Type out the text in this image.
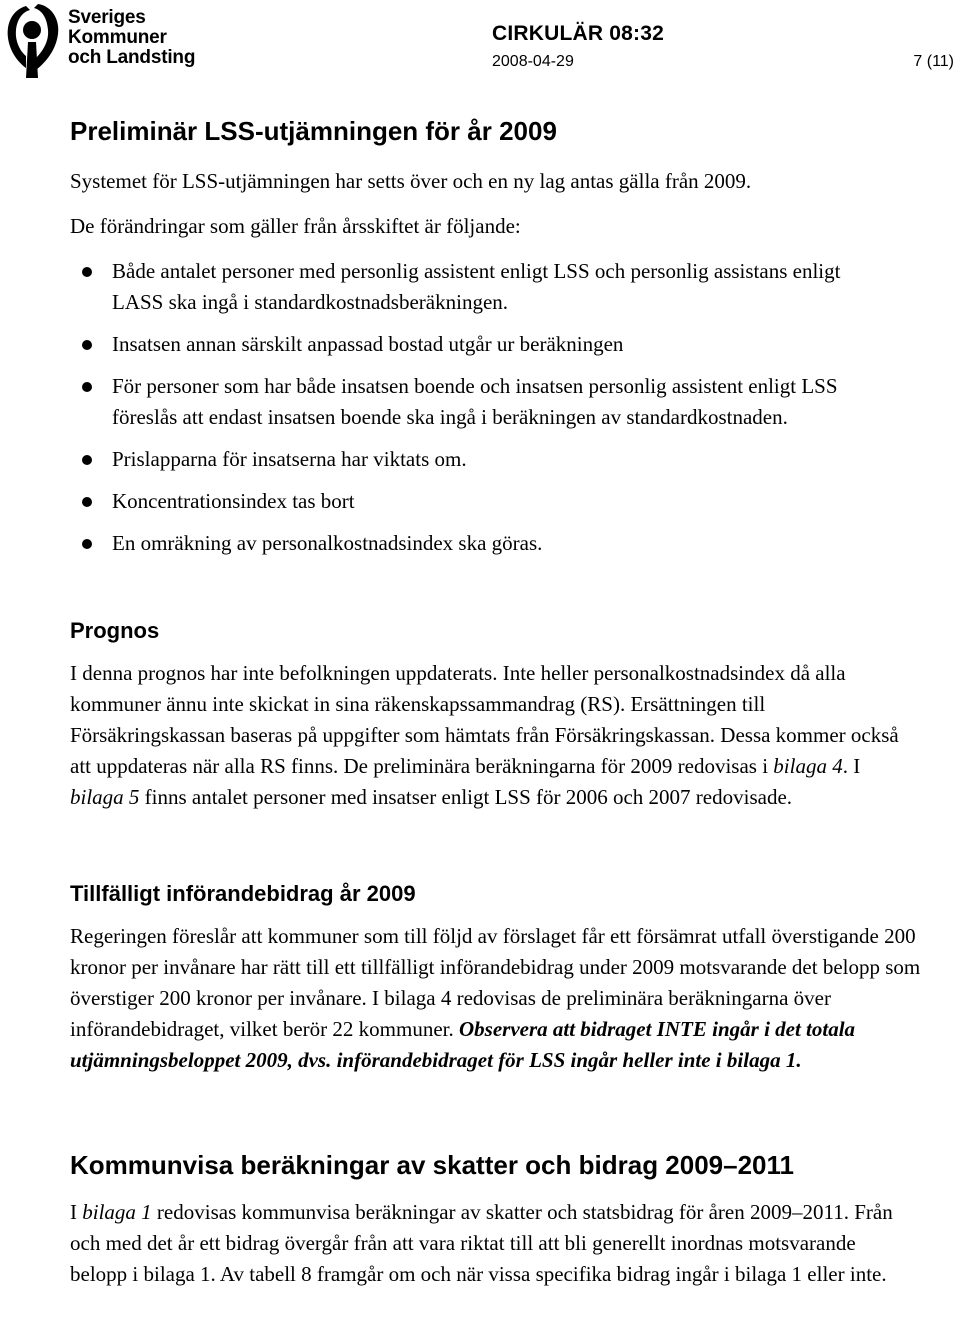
Sveriges
Kommuner
och Landsting
CIRKULÄR 08:32
2008-04-29	7 (11)
Preliminär LSS-utjämningen för år 2009

Systemet för LSS-utjämningen har setts över och en ny lag antas gälla från 2009.

De förändringar som gäller från årsskiftet är följande:

Både antalet personer med personlig assistent enligt LSS och personlig assistans enligt LASS ska ingå i standardkostnadsberäkningen.
Insatsen annan särskilt anpassad bostad utgår ur beräkningen
För personer som har både insatsen boende och insatsen personlig assistent enligt LSS föreslås att endast insatsen boende ska ingå i beräkningen av standardkostnaden.
Prislapparna för insatserna har viktats om.
Koncentrationsindex tas bort
En omräkning av personalkostnadsindex ska göras.
Prognos

I denna prognos har inte befolkningen uppdaterats. Inte heller personalkostnadsindex då alla kommuner ännu inte skickat in sina räkenskapssammandrag (RS). Ersättningen till Försäkringskassan baseras på uppgifter som hämtats från Försäkringskassan. Dessa kommer också att uppdateras när alla RS finns. De preliminära beräkningarna för 2009 redovisas i bilaga 4. I bilaga 5 finns antalet personer med insatser enligt LSS för 2006 och 2007 redovisade.

Tillfälligt införandebidrag år 2009

Regeringen föreslår att kommuner som till följd av förslaget får ett försämrat utfall överstigande 200 kronor per invånare har rätt till ett tillfälligt införandebidrag under 2009 motsvarande det belopp som överstiger 200 kronor per invånare. I bilaga 4 redovisas de preliminära beräkningarna över införandebidraget, vilket berör 22 kommuner. Observera att bidraget INTE ingår i det totala utjämningsbeloppet 2009, dvs. införandebidraget för LSS ingår heller inte i bilaga 1.

Kommunvisa beräkningar av skatter och bidrag 2009–2011

I bilaga 1 redovisas kommunvisa beräkningar av skatter och statsbidrag för åren 2009–2011. Från och med det år ett bidrag övergår från att vara riktat till att bli generellt inordnas motsvarande belopp i bilaga 1. Av tabell 8 framgår om och när vissa specifika bidrag ingår i bilaga 1 eller inte.
